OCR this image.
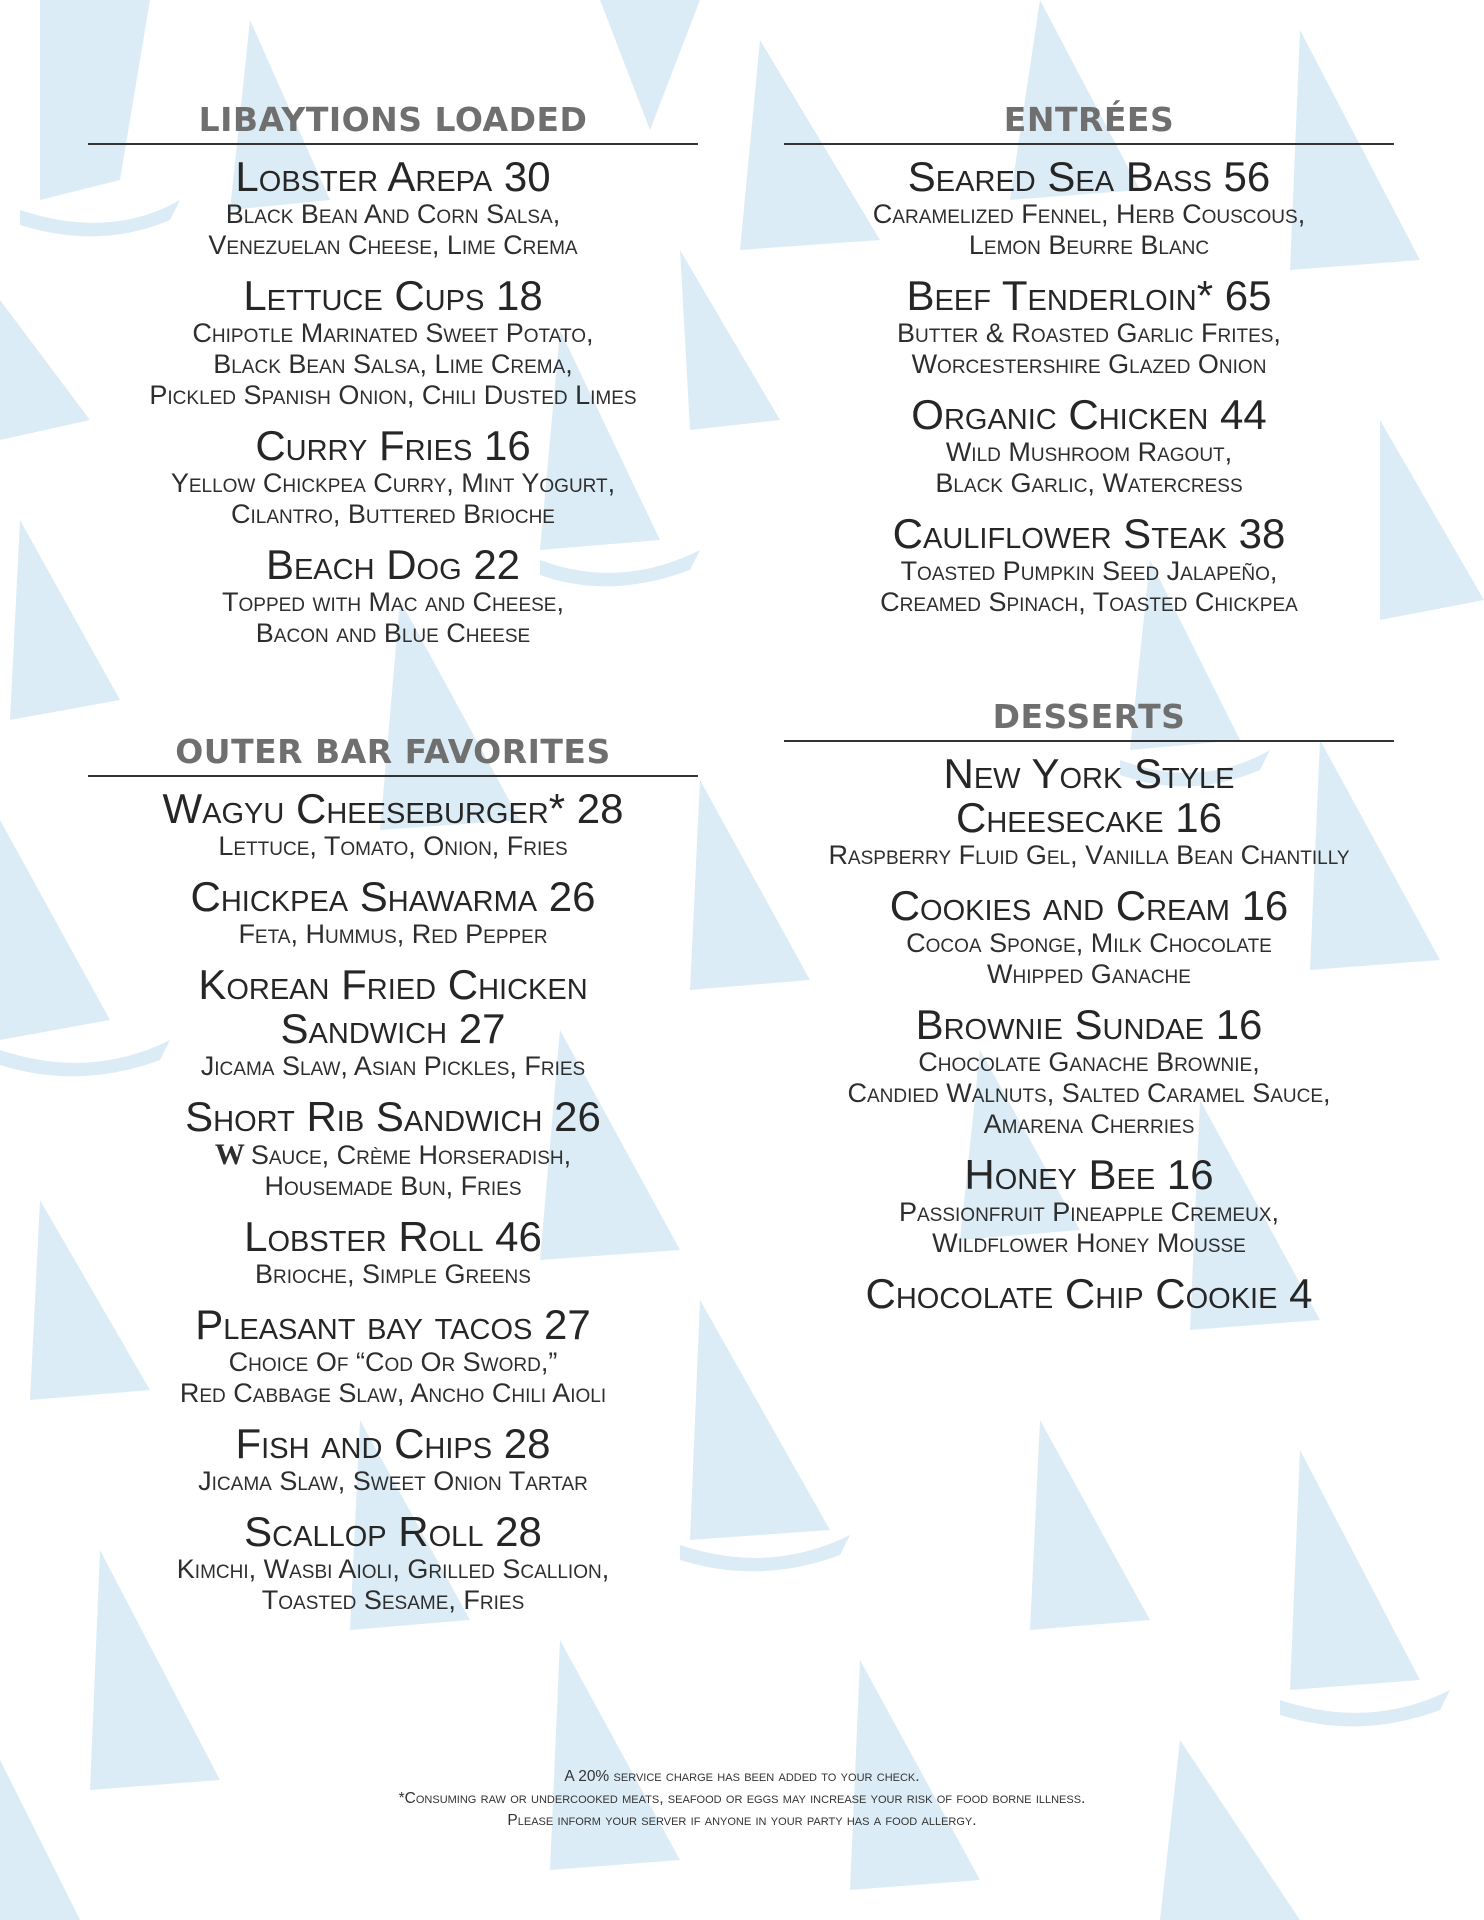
LIBAYTIONS LOADED
Lobster Arepa 30
Black Bean And Corn Salsa,
Venezuelan Cheese, Lime Crema
Lettuce Cups 18
Chipotle Marinated Sweet Potato,
Black Bean Salsa, Lime Crema,
Pickled Spanish Onion, Chili Dusted Limes
Curry Fries 16
Yellow Chickpea Curry, Mint Yogurt,
Cilantro, Buttered Brioche
Beach Dog 22
Topped with Mac and Cheese,
Bacon and Blue Cheese
OUTER BAR FAVORITES
Wagyu Cheeseburger* 28
Lettuce, Tomato, Onion, Fries
Chickpea Shawarma 26
Feta, Hummus, Red Pepper
Korean Fried Chicken
Sandwich 27
Jicama Slaw, Asian Pickles, Fries
Short Rib Sandwich 26
W Sauce, Crème Horseradish,
Housemade Bun, Fries
Lobster Roll 46
Brioche, Simple Greens
Pleasant bay tacos 27
Choice Of “Cod Or Sword,”
Red Cabbage Slaw, Ancho Chili Aioli
Fish and Chips 28
Jicama Slaw, Sweet Onion Tartar
Scallop Roll 28
Kimchi, Wasbi Aioli, Grilled Scallion,
Toasted Sesame, Fries
ENTRÉES
Seared Sea Bass 56
Caramelized Fennel, Herb Couscous,
Lemon Beurre Blanc
Beef Tenderloin* 65
Butter & Roasted Garlic Frites,
Worcestershire Glazed Onion
Organic Chicken 44
Wild Mushroom Ragout,
Black Garlic, Watercress
Cauliflower Steak 38
Toasted Pumpkin Seed Jalapeño,
Creamed Spinach, Toasted Chickpea
DESSERTS
New York Style
Cheesecake 16
Raspberry Fluid Gel, Vanilla Bean Chantilly
Cookies and Cream 16
Cocoa Sponge, Milk Chocolate
Whipped Ganache
Brownie Sundae 16
Chocolate Ganache Brownie,
Candied Walnuts, Salted Caramel Sauce,
Amarena Cherries
Honey Bee 16
Passionfruit Pineapple Cremeux,
Wildflower Honey Mousse
Chocolate Chip Cookie 4
A 20% service charge has been added to your check.
*Consuming raw or undercooked meats, seafood or eggs may increase your risk of food borne illness.
Please inform your server if anyone in your party has a food allergy.
